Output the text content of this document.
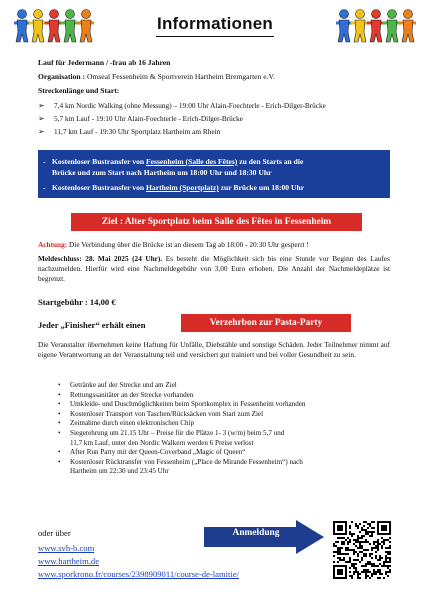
Informationen
Lauf für Jedermann / -frau ab 16 Jahren
Organisation : Omseal Fessenheim & Sportverein Hartheim Bremgarten e.V.
Streckenlänge und Start:
➢	7,4 km Nordic Walking (ohne Messung) – 19:00 Uhr Alain-Foechterle - Erich-Dilger-Brücke
➢	5,7 km Lauf - 19:10 Uhr Alain-Foechterle - Erich-Dilger-Brücke
➢	11,7 km Lauf - 19:30 Uhr Sportplatz Hartheim am Rhein
- Kostenloser Bustransfer von Fessenheim (Salle des Fêtes) zu den Starts an die
Brücke und zum Start nach Hartheim um 18:00 Uhr und 18:30 Uhr
- Kostenloser Bustransfer von Hartheim (Sportplatz) zur Brücke um 18:00 Uhr
Ziel : Alter Sportplatz beim Salle des Fêtes in Fessenheim
Achtung: Die Verbindung über die Brücke ist an diesem Tag ab 18:00 - 20:30 Uhr gesperrt !
Meldeschluss: 28. Mai 2025 (24 Uhr). Es besteht die Möglichkeit sich bis eine Stunde vor Beginn des Laufes nachzumelden. Hierfür wird eine Nachmeldegebühr von 3,00 Euro erhoben. Die Anzahl der Nachmeldeplätze ist begrenzt.
Startgebühr : 14,00 €
Jeder „Finisher“ erhält einen	Verzehrbon zur Pasta-Party
Die Veranstalter übernehmen keine Haftung für Unfälle, Diebstähle und sonstige Schäden. Jeder Teilnehmer nimmt auf eigene Verantwortung an der Veranstaltung teil und versichert gut trainiert und bei voller Gesundheit zu sein.
• Getränke auf der Strecke und am Ziel
• Rettungssanitäter an der Strecke vorhanden
• Umkleide- und Duschmöglichkeiten beim Sportkomplex in Fessenheim vorhanden
• Kostenloser Transport von Taschen/Rücksäcken vom Start zum Ziel
• Zeitnahme durch einen elektronischen Chip
• Siegerehrung um 21.15 Uhr – Preise für die Plätze 1- 3 (w/m) beim 5,7 und
11,7 km Lauf, unter den Nordic Walkern werden 6 Preise verlost
• After Run Party mit der Queen-Coverband „Magic of Queen“
• Kostenloser Rücktransfer von Fessenheim („Place de Mirande Fessenheim“) nach
Hartheim um 22:30 und 23:45 Uhr
oder über
www.svh-b.com
www.hartheim.de
www.sporkrono.fr/courses/2398909011/course-de-lamitie/
Anmeldung
